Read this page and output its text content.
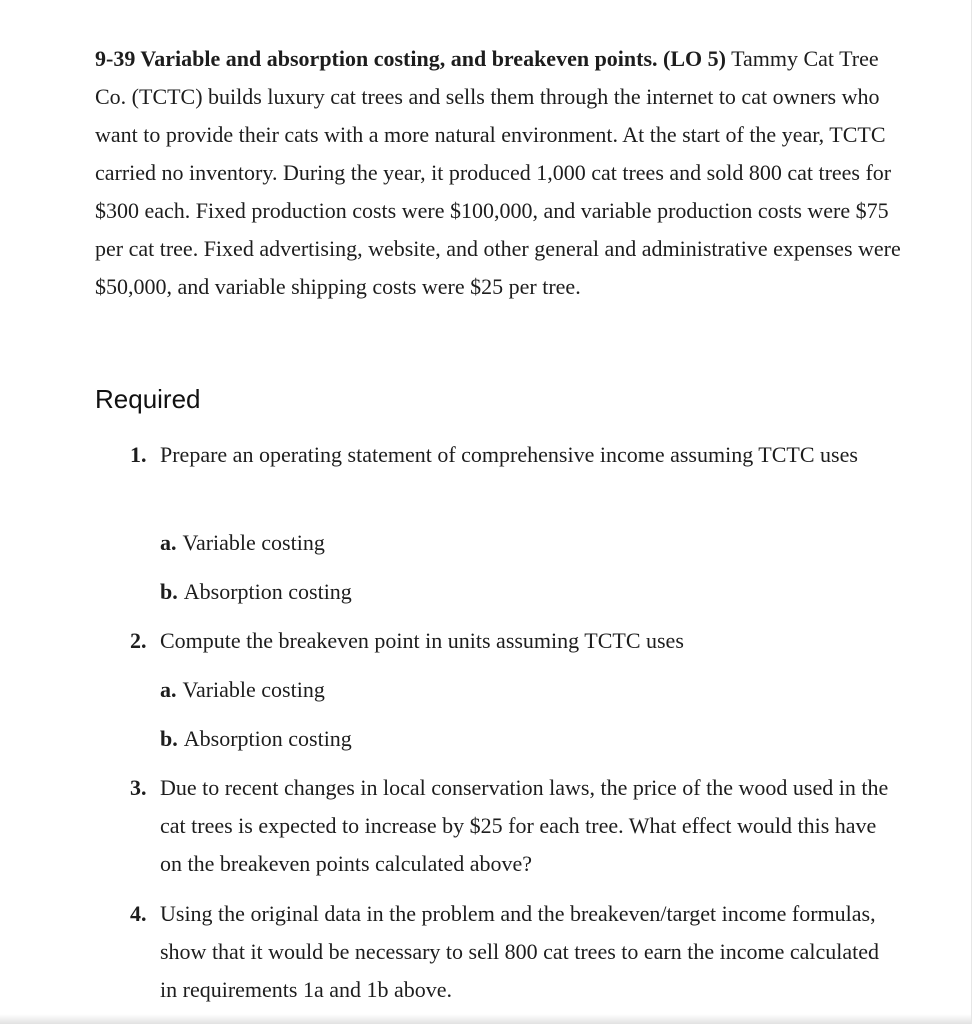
9-39 Variable and absorption costing, and breakeven points. (LO 5) Tammy Cat Tree Co. (TCTC) builds luxury cat trees and sells them through the internet to cat owners who want to provide their cats with a more natural environment. At the start of the year, TCTC carried no inventory. During the year, it produced 1,000 cat trees and sold 800 cat trees for $300 each. Fixed production costs were $100,000, and variable production costs were $75 per cat tree. Fixed advertising, website, and other general and administrative expenses were $50,000, and variable shipping costs were $25 per tree.
Required
1. Prepare an operating statement of comprehensive income assuming TCTC uses
a. Variable costing
b. Absorption costing
2. Compute the breakeven point in units assuming TCTC uses
a. Variable costing
b. Absorption costing
3. Due to recent changes in local conservation laws, the price of the wood used in the cat trees is expected to increase by $25 for each tree. What effect would this have on the breakeven points calculated above?
4. Using the original data in the problem and the breakeven/target income formulas, show that it would be necessary to sell 800 cat trees to earn the income calculated in requirements 1a and 1b above.
